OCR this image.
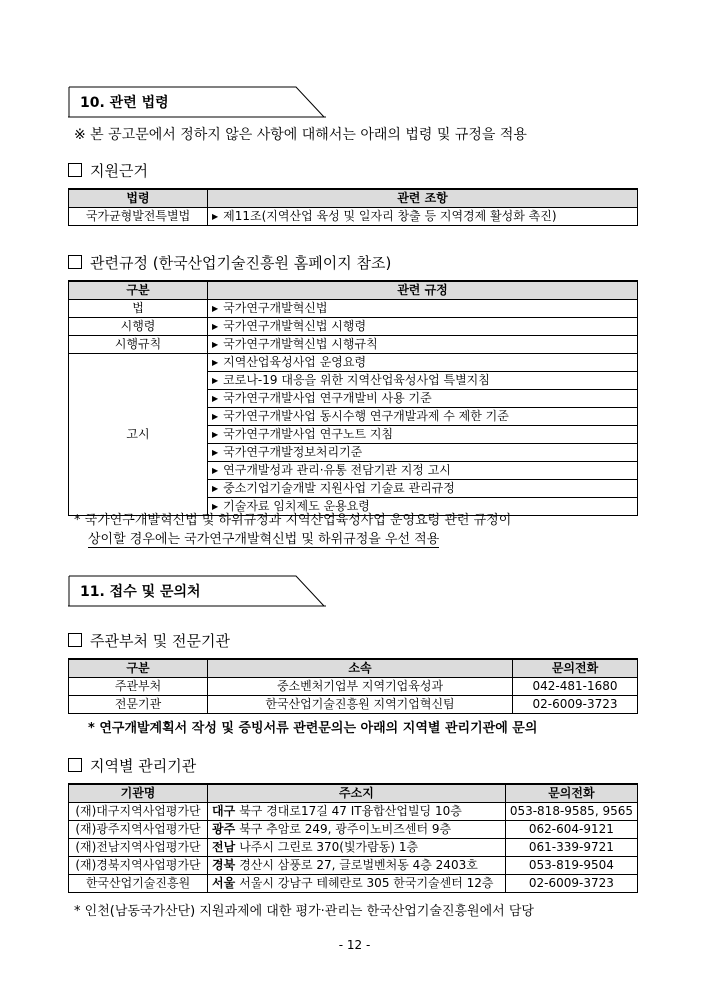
10. 관련 법령
※ 본 공고문에서 정하지 않은 사항에 대해서는 아래의 법령 및 규정을 적용
지원근거
법령	관련 조항
국가균형발전특별법	▶ 제11조(지역산업 육성 및 일자리 창출 등 지역경제 활성화 촉진)
관련규정 (한국산업기술진흥원 홈페이지 참조)
구분	관련 규정
법	▶ 국가연구개발혁신법
시행령	▶ 국가연구개발혁신법 시행령
시행규칙	▶ 국가연구개발혁신법 시행규칙
고시	▶ 지역산업육성사업 운영요령
	▶ 코로나-19 대응을 위한 지역산업육성사업 특별지침
	▶ 국가연구개발사업 연구개발비 사용 기준
	▶ 국가연구개발사업 동시수행 연구개발과제 수 제한 기준
	▶ 국가연구개발사업 연구노트 지침
	▶ 국가연구개발정보처리기준
	▶ 연구개발성과 관리·유통 전담기관 지정 고시
	▶ 중소기업기술개발 지원사업 기술료 관리규정
	▶ 기술자료 임치제도 운용요령
* 국가연구개발혁신법 및 하위규정과 지역산업육성사업 운영요령 관련 규정이
상이할 경우에는 국가연구개발혁신법 및 하위규정을 우선 적용
11. 접수 및 문의처
주관부처 및 전문기관
구분	소속	문의전화
주관부처	중소벤처기업부 지역기업육성과	042-481-1680
전문기관	한국산업기술진흥원 지역기업혁신팀	02-6009-3723
* 연구개발계획서 작성 및 증빙서류 관련문의는 아래의 지역별 관리기관에 문의
지역별 관리기관
기관명	주소지	문의전화
(재)대구지역사업평가단	대구 북구 경대로17길 47 IT융합산업빌딩 10층	053-818-9585, 9565
(재)광주지역사업평가단	광주 북구 추암로 249, 광주이노비즈센터 9층	062-604-9121
(재)전남지역사업평가단	전남 나주시 그린로 370(빛가람동) 1층	061-339-9721
(재)경북지역사업평가단	경북 경산시 삼풍로 27, 글로벌벤처동 4층 2403호	053-819-9504
한국산업기술진흥원	서울 서울시 강남구 테헤란로 305 한국기술센터 12층	02-6009-3723
* 인천(남동국가산단) 지원과제에 대한 평가·관리는 한국산업기술진흥원에서 담당
- 12 -
